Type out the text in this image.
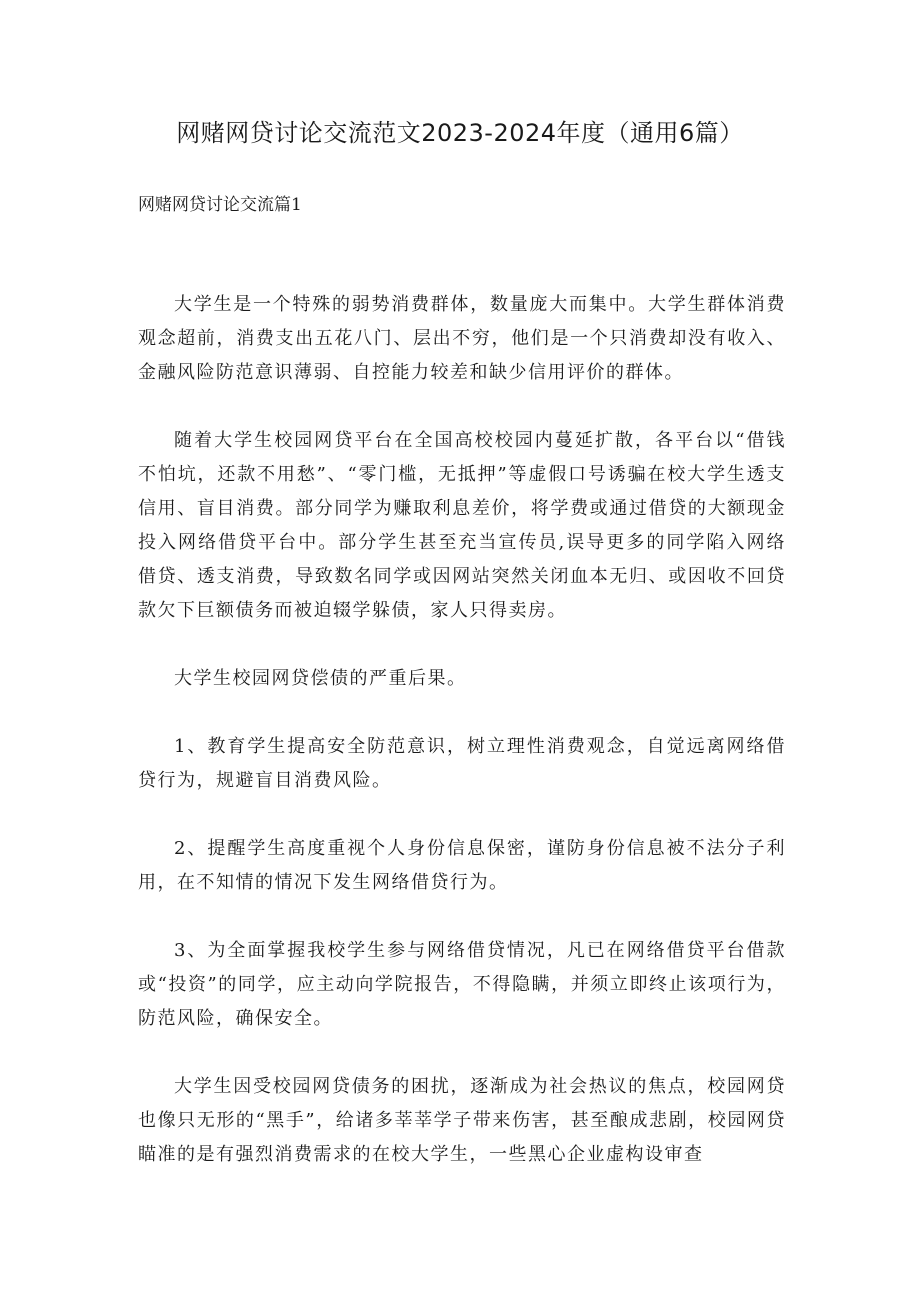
网赌网贷讨论交流范文2023-2024年度（通用6篇）
网赌网贷讨论交流篇1

大学生是一个特殊的弱势消费群体，数量庞大而集中。大学生群体消费观念超前，消费支出五花八门、层出不穷，他们是一个只消费却没有收入、金融风险防范意识薄弱、自控能力较差和缺少信用评价的群体。

随着大学生校园网贷平台在全国高校校园内蔓延扩散，各平台以“借钱不怕坑，还款不用愁”、“零门槛，无抵押”等虚假口号诱骗在校大学生透支信用、盲目消费。部分同学为赚取利息差价，将学费或通过借贷的大额现金投入网络借贷平台中。部分学生甚至充当宣传员,误导更多的同学陷入网络借贷、透支消费，导致数名同学或因网站突然关闭血本无归、或因收不回贷款欠下巨额债务而被迫辍学躲债，家人只得卖房。

大学生校园网贷偿债的严重后果。

1、教育学生提高安全防范意识，树立理性消费观念，自觉远离网络借贷行为，规避盲目消费风险。

2、提醒学生高度重视个人身份信息保密，谨防身份信息被不法分子利用，在不知情的情况下发生网络借贷行为。

3、为全面掌握我校学生参与网络借贷情况，凡已在网络借贷平台借款或“投资”的同学，应主动向学院报告，不得隐瞒，并须立即终止该项行为，防范风险，确保安全。

大学生因受校园网贷债务的困扰，逐渐成为社会热议的焦点，校园网贷也像只无形的“黑手”，给诸多莘莘学子带来伤害，甚至酿成悲剧，校园网贷瞄准的是有强烈消费需求的在校大学生，一些黑心企业虚构设审查
